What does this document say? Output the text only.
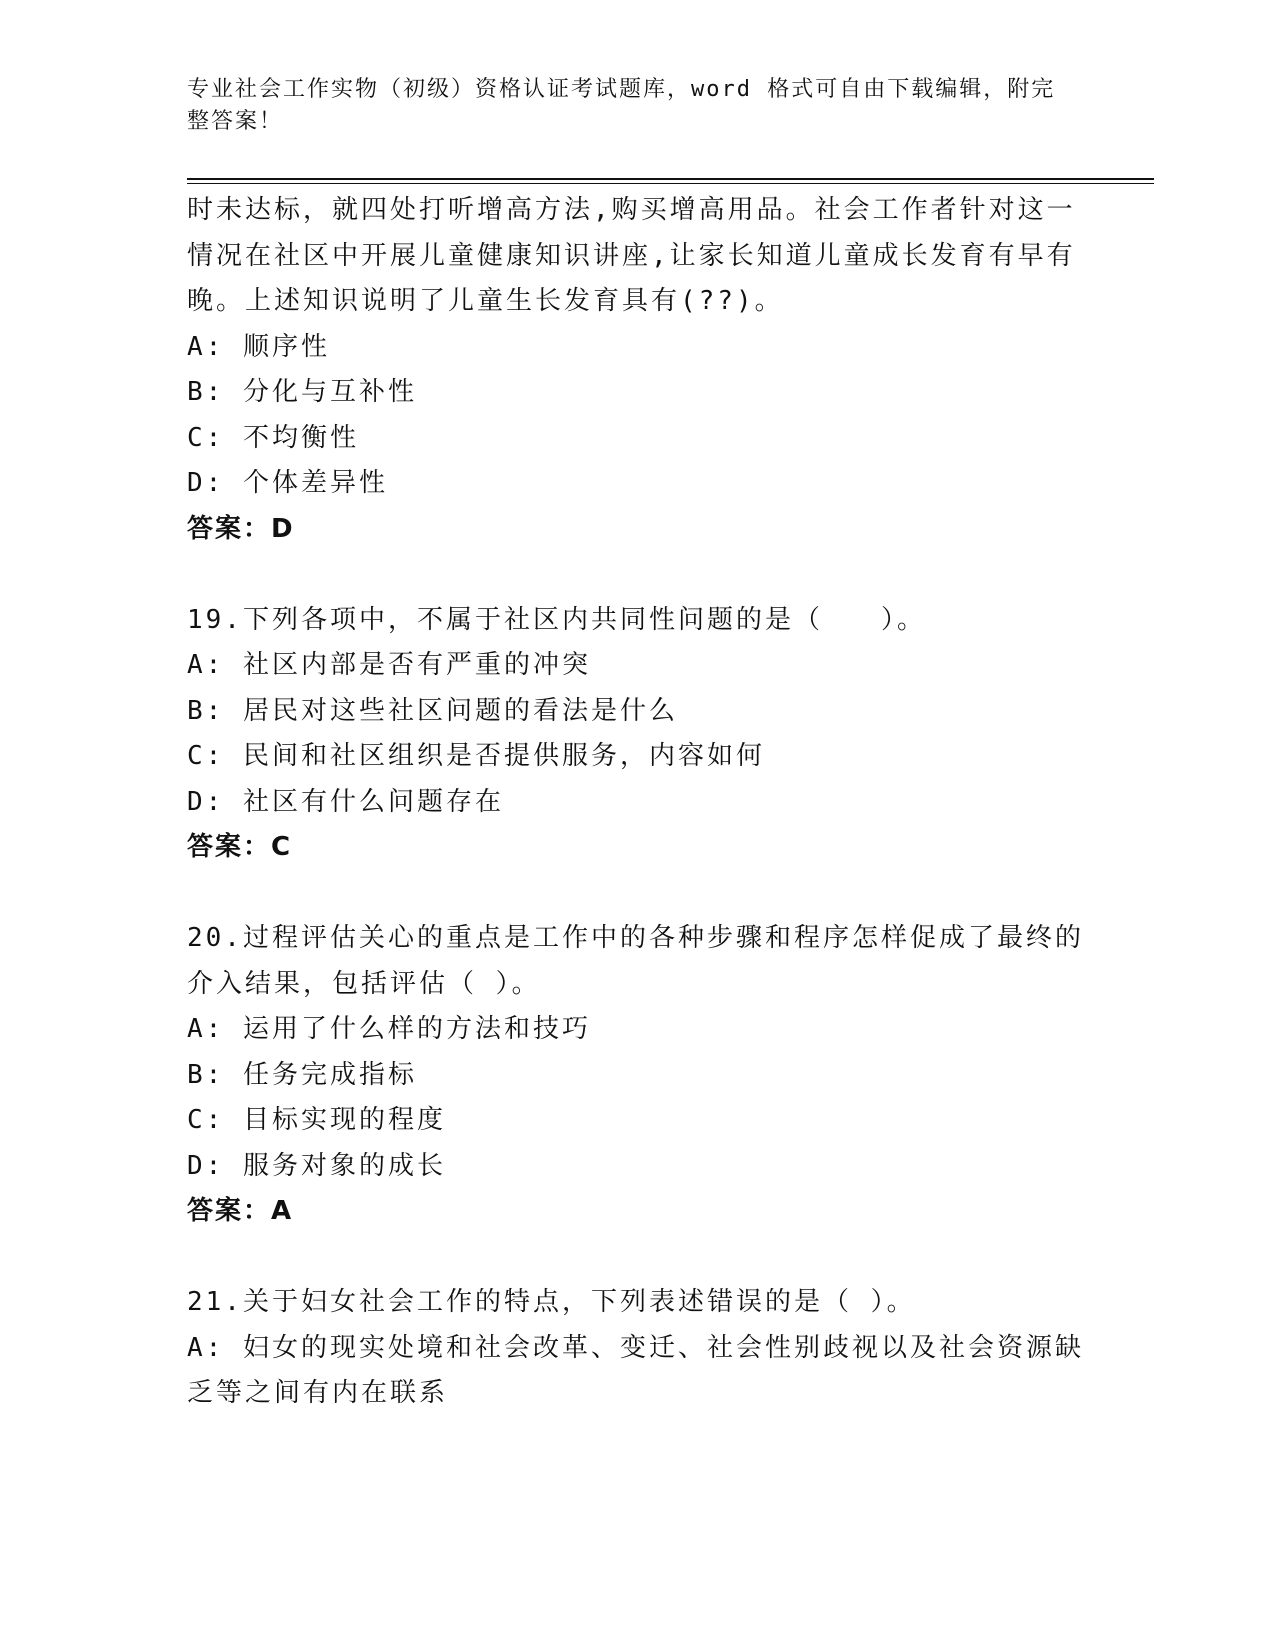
专业社会工作实物（初级）资格认证考试题库，word 格式可自由下载编辑，附完
整答案！
时未达标，就四处打听增高方法,购买增高用品。社会工作者针对这一
情况在社区中开展儿童健康知识讲座,让家长知道儿童成长发育有早有
晚。上述知识说明了儿童生长发育具有(??)。
A: 顺序性
B: 分化与互补性
C: 不均衡性
D: 个体差异性
答案：D
19.下列各项中，不属于社区内共同性问题的是（　　）。
A: 社区内部是否有严重的冲突
B: 居民对这些社区问题的看法是什么
C: 民间和社区组织是否提供服务，内容如何
D: 社区有什么问题存在
答案：C
20.过程评估关心的重点是工作中的各种步骤和程序怎样促成了最终的
介入结果，包括评估（ ）。
A: 运用了什么样的方法和技巧
B: 任务完成指标
C: 目标实现的程度
D: 服务对象的成长
答案：A
21.关于妇女社会工作的特点，下列表述错误的是（ ）。
A: 妇女的现实处境和社会改革、变迁、社会性别歧视以及社会资源缺
乏等之间有内在联系
